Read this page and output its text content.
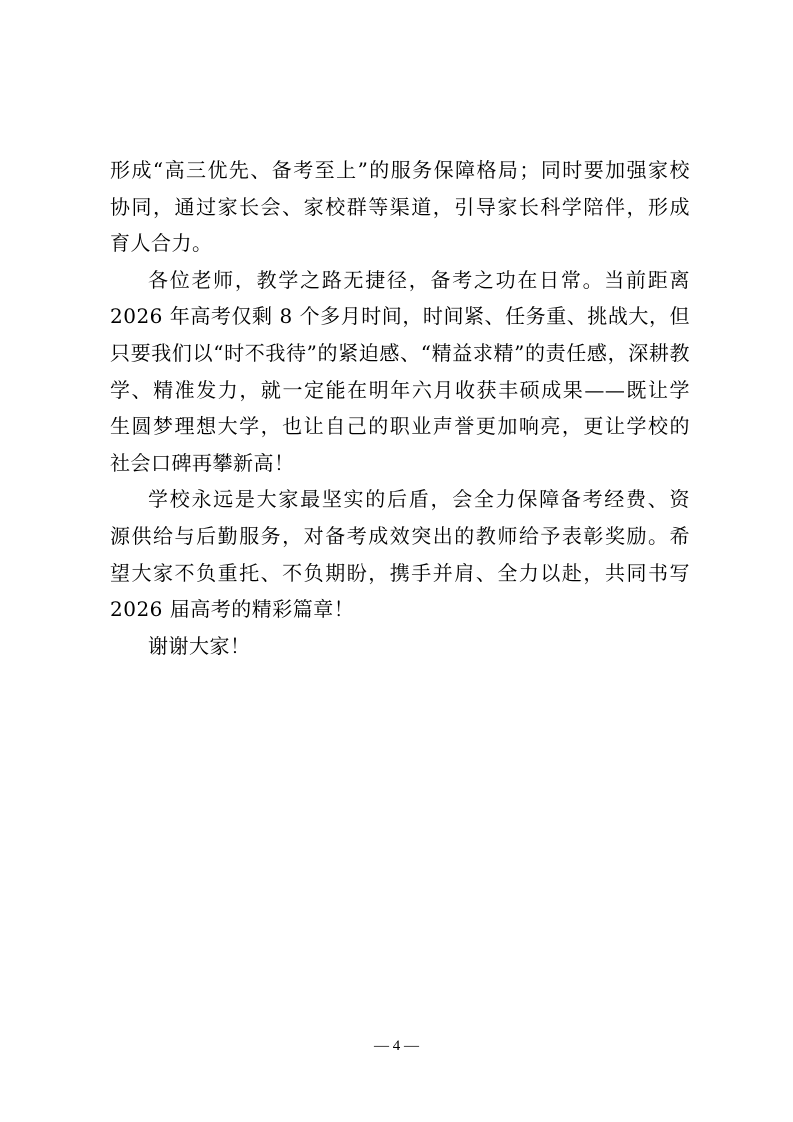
形成“高三优先、备考至上”的服务保障格局；同时要加强家校
协同，通过家长会、家校群等渠道，引导家长科学陪伴，形成
育人合力。
各位老师，教学之路无捷径，备考之功在日常。当前距离
2026 年高考仅剩 8 个多月时间，时间紧、任务重、挑战大，但
只要我们以“时不我待”的紧迫感、“精益求精”的责任感，深耕教
学、精准发力，就一定能在明年六月收获丰硕成果——既让学
生圆梦理想大学，也让自己的职业声誉更加响亮，更让学校的
社会口碑再攀新高！
学校永远是大家最坚实的后盾，会全力保障备考经费、资
源供给与后勤服务，对备考成效突出的教师给予表彰奖励。希
望大家不负重托、不负期盼，携手并肩、全力以赴，共同书写
2026 届高考的精彩篇章！
谢谢大家！
— 4 —
